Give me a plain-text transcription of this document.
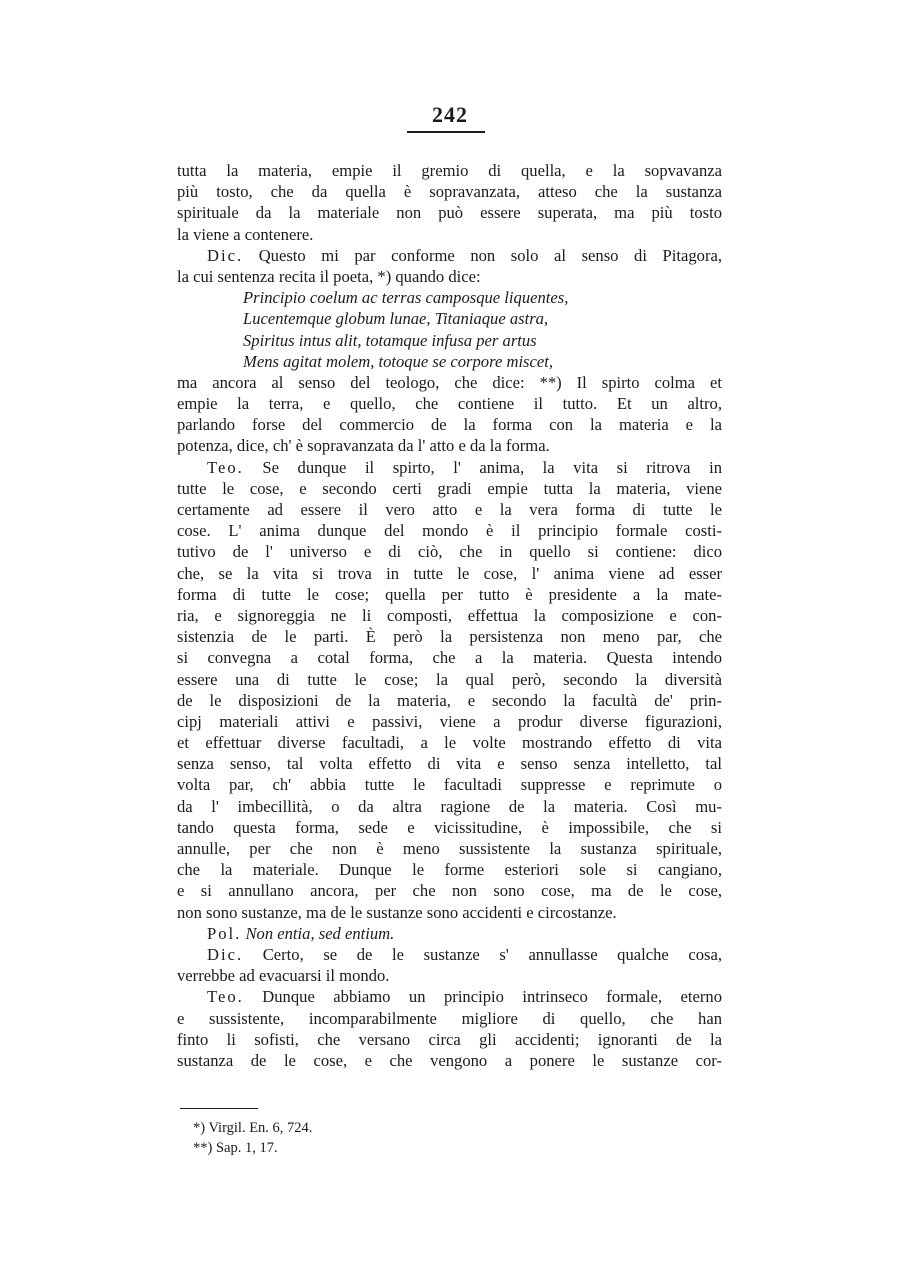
242
tutta la materia, empie il gremio di quella, e la sopvavanza
più tosto, che da quella è sopravanzata, atteso che la sustanza
spirituale da la materiale non può essere superata, ma più tosto
la viene a contenere.
Dic. Questo mi par conforme non solo al senso di Pitagora,
la cui sentenza recita il poeta, *) quando dice:
Principio coelum ac terras camposque liquentes,
Lucentemque globum lunae, Titaniaque astra,
Spiritus intus alit, totamque infusa per artus
Mens agitat molem, totoque se corpore miscet,
ma ancora al senso del teologo, che dice: **) Il spirto colma et
empie la terra, e quello, che contiene il tutto. Et un altro,
parlando forse del commercio de la forma con la materia e la
potenza, dice, ch' è sopravanzata da l' atto e da la forma.
Teo. Se dunque il spirto, l' anima, la vita si ritrova in
tutte le cose, e secondo certi gradi empie tutta la materia, viene
certamente ad essere il vero atto e la vera forma di tutte le
cose. L' anima dunque del mondo è il principio formale costi-
tutivo de l' universo e di ciò, che in quello si contiene: dico
che, se la vita si trova in tutte le cose, l' anima viene ad esser
forma di tutte le cose; quella per tutto è presidente a la mate-
ria, e signoreggia ne li composti, effettua la composizione e con-
sistenzia de le parti. È però la persistenza non meno par, che
si convegna a cotal forma, che a la materia. Questa intendo
essere una di tutte le cose; la qual però, secondo la diversità
de le disposizioni de la materia, e secondo la facultà de' prin-
cipj materiali attivi e passivi, viene a produr diverse figurazioni,
et effettuar diverse facultadi, a le volte mostrando effetto di vita
senza senso, tal volta effetto di vita e senso senza intelletto, tal
volta par, ch' abbia tutte le facultadi suppresse e reprimute o
da l' imbecillità, o da altra ragione de la materia. Così mu-
tando questa forma, sede e vicissitudine, è impossibile, che si
annulle, per che non è meno sussistente la sustanza spirituale,
che la materiale. Dunque le forme esteriori sole si cangiano,
e si annullano ancora, per che non sono cose, ma de le cose,
non sono sustanze, ma de le sustanze sono accidenti e circostanze.
Pol. Non entia, sed entium.
Dic. Certo, se de le sustanze s' annullasse qualche cosa,
verrebbe ad evacuarsi il mondo.
Teo. Dunque abbiamo un principio intrinseco formale, eterno
e sussistente, incomparabilmente migliore di quello, che han
finto li sofisti, che versano circa gli accidenti; ignoranti de la
sustanza de le cose, e che vengono a ponere le sustanze cor-
*) Virgil. En. 6, 724.
**) Sap. 1, 17.
